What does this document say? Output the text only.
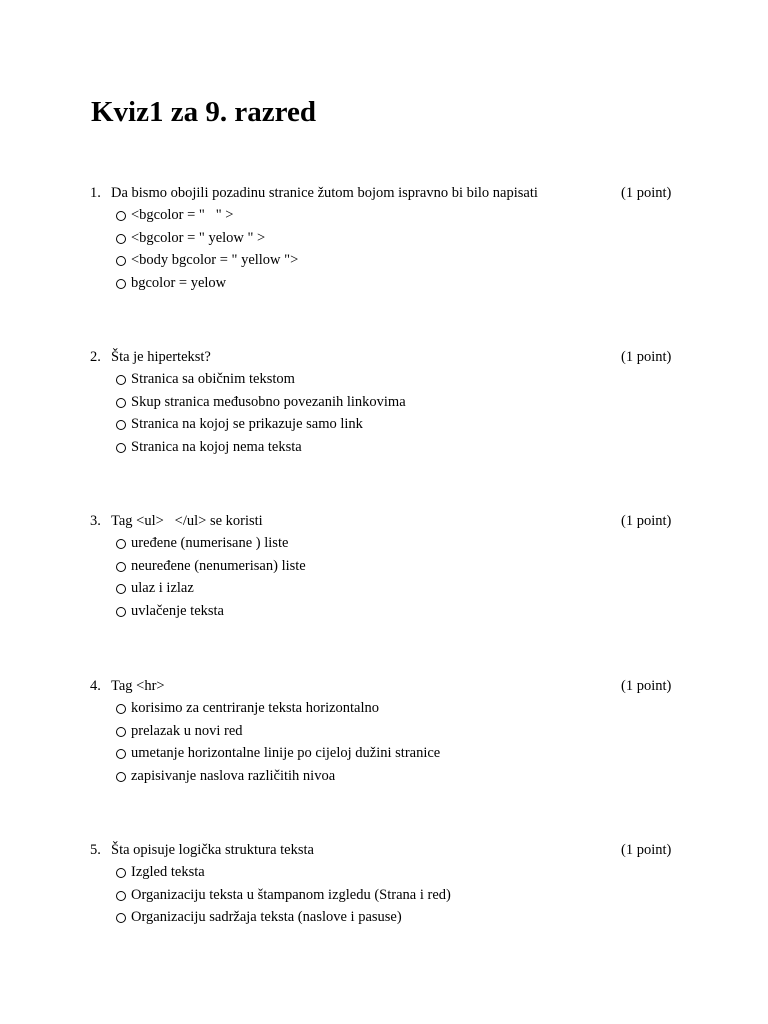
Kviz1 za 9. razred

1.

Da bismo obojili pozadinu stranice žutom bojom ispravno bi bilo napisati

	(1 point)

<bgcolor = "   " >
<bgcolor = " yelow " >
<body bgcolor = " yellow ">
bgcolor = yelow

2.

Šta je hipertekst?

	(1 point)

Stranica sa običnim tekstom
Skup stranica međusobno povezanih linkovima
Stranica na kojoj se prikazuje samo link
Stranica na kojoj nema teksta

3.

Tag <ul>   </ul> se koristi

	(1 point)

uređene (numerisane ) liste
neuređene (nenumerisan) liste
ulaz i izlaz
uvlačenje teksta

4.

Tag <hr>

	(1 point)

korisimo za centriranje teksta horizontalno
prelazak u novi red
umetanje horizontalne linije po cijeloj dužini stranice
zapisivanje naslova različitih nivoa

5.

Šta opisuje logička struktura teksta

	(1 point)

Izgled teksta
Organizaciju teksta u štampanom izgledu (Strana i red)
Organizaciju sadržaja teksta (naslove i pasuse)
